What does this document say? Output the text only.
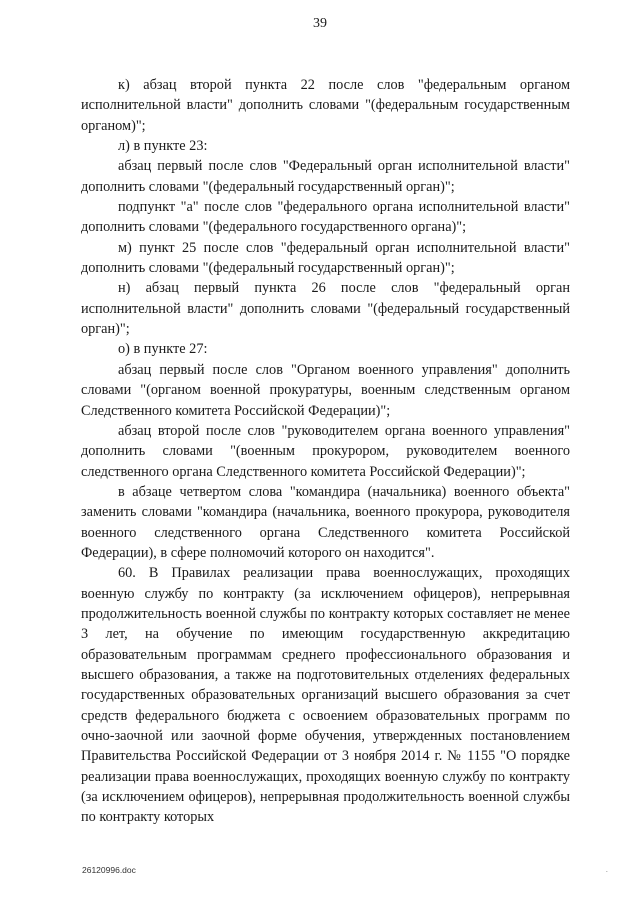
39

к) абзац второй пункта 22 после слов "федеральным органом исполнительной власти" дополнить словами "(федеральным государственным органом)";

л) в пункте 23:

абзац первый после слов "Федеральный орган исполнительной власти" дополнить словами "(федеральный государственный орган)";

подпункт "а" после слов "федерального органа исполнительной власти" дополнить словами "(федерального государственного органа)";

м) пункт 25 после слов "федеральный орган исполнительной власти" дополнить словами "(федеральный государственный орган)";

н) абзац первый пункта 26 после слов "федеральный орган исполнительной власти" дополнить словами "(федеральный государственный орган)";

о) в пункте 27:

абзац первый после слов "Органом военного управления" дополнить словами "(органом военной прокуратуры, военным следственным органом Следственного комитета Российской Федерации)";

абзац второй после слов "руководителем органа военного управления" дополнить словами "(военным прокурором, руководителем военного следственного органа Следственного комитета Российской Федерации)";

в абзаце четвертом слова "командира (начальника) военного объекта" заменить словами "командира (начальника, военного прокурора, руководителя военного следственного органа Следственного комитета Российской Федерации), в сфере полномочий которого он находится".

60. В Правилах реализации права военнослужащих, проходящих военную службу по контракту (за исключением офицеров), непрерывная продолжительность военной службы по контракту которых составляет не менее 3 лет, на обучение по имеющим государственную аккредитацию образовательным программам среднего профессионального образования и высшего образования, а также на подготовительных отделениях федеральных государственных образовательных организаций высшего образования за счет средств федерального бюджета с освоением образовательных программ по очно-заочной или заочной форме обучения, утвержденных постановлением Правительства Российской Федерации от 3 ноября 2014 г. № 1155 "О порядке реализации права военнослужащих, проходящих военную службу по контракту (за исключением офицеров), непрерывная продолжительность военной службы по контракту которых

26120996.doc	.
